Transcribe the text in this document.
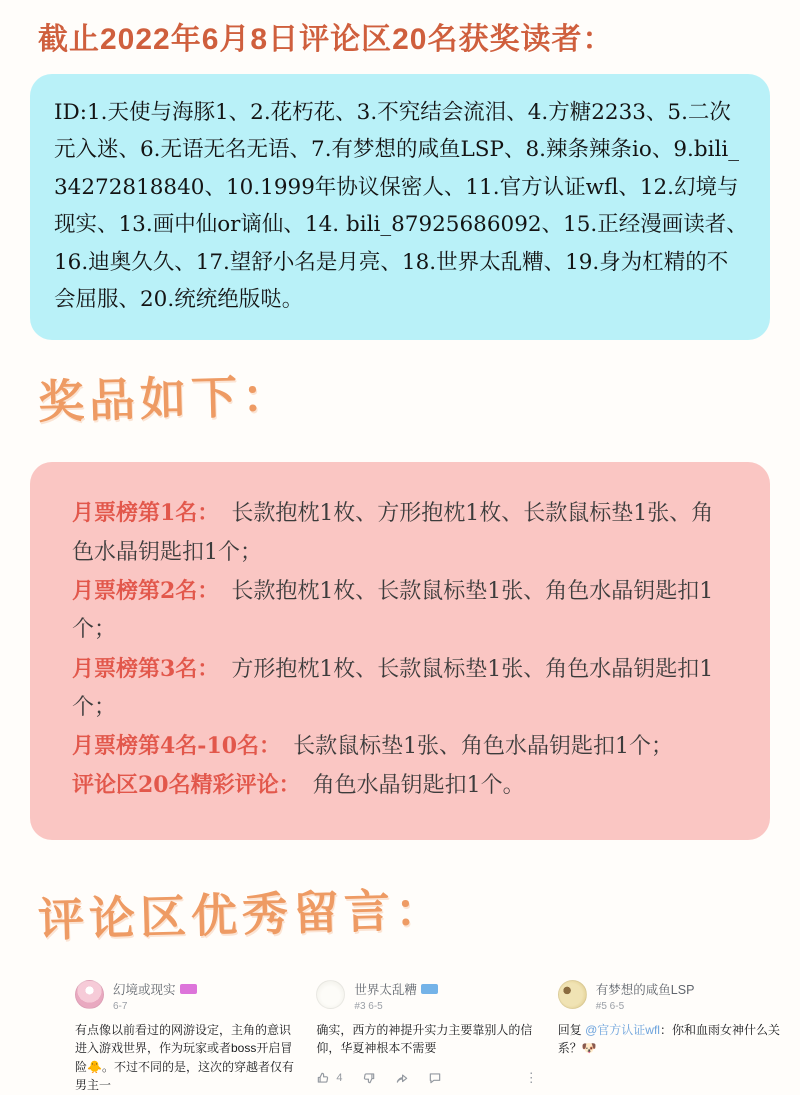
截止2022年6月8日评论区20名获奖读者：
ID:1.天使与海豚1、2.花朽花、3.不究结会流泪、4.方糖2233、5.二次元入迷、6.无语无名无语、7.有梦想的咸鱼LSP、8.辣条辣条io、9.bili_34272818840、10.1999年协议保密人、11.官方认证wfl、12.幻境与现实、13.画中仙or谪仙、14. bili_87925686092、15.正经漫画读者、16.迪奥久久、17.望舒小名是月亮、18.世界太乱糟、19.身为杠精的不会屈服、20.统统绝版哒。
奖品如下：
月票榜第1名： 长款抱枕1枚、方形抱枕1枚、长款鼠标垫1张、角色水晶钥匙扣1个；
月票榜第2名： 长款抱枕1枚、长款鼠标垫1张、角色水晶钥匙扣1个；
月票榜第3名： 方形抱枕1枚、长款鼠标垫1张、角色水晶钥匙扣1个；
月票榜第4名-10名： 长款鼠标垫1张、角色水晶钥匙扣1个；
评论区20名精彩评论： 角色水晶钥匙扣1个。
评论区优秀留言：
幻境或现实
6-7
有点像以前看过的网游设定，主角的意识进入游戏世界，作为玩家或者boss开启冒险🐥。不过不同的是，这次的穿越者仅有男主一
世界太乱糟
#3 6-5
确实，西方的神提升实力主要靠别人的信仰，华夏神根本不需要
4	⋮
有梦想的咸鱼LSP
#5 6-5
回复 @官方认证wfl：你和血雨女神什么关系？🐶
